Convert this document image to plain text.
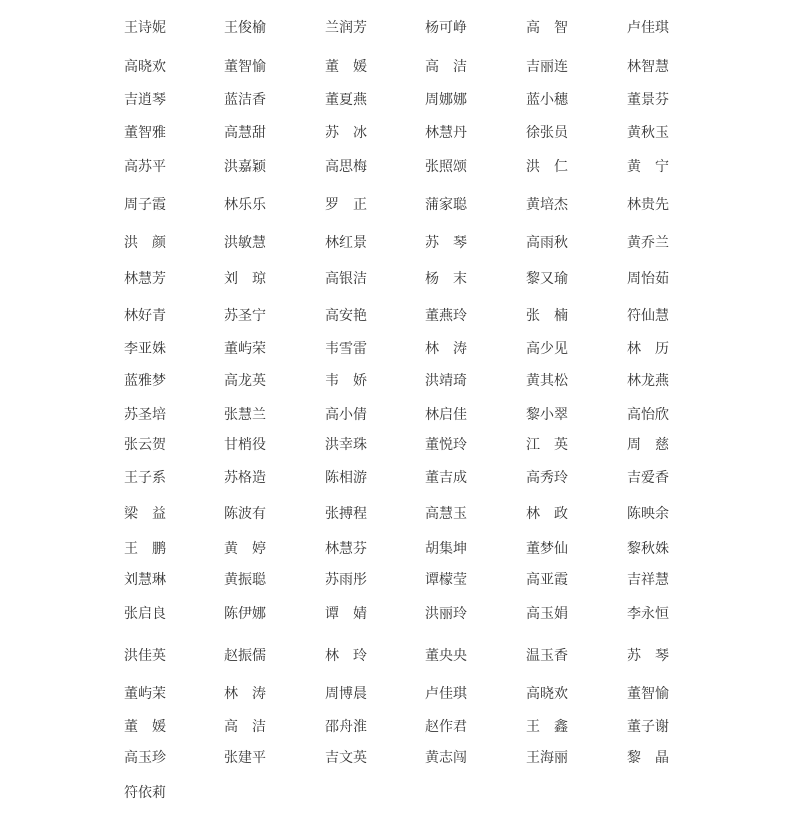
王诗妮	王俊榆	兰润芳	杨可峥	高　智	卢佳琪
高晓欢	董智愉	董　媛	高　洁	吉丽连	林智慧
吉逍琴	蓝洁香	董夏燕	周娜娜	蓝小穗	董景芬
董智雅	高慧甜	苏　冰	林慧丹	徐张员	黄秋玉
高苏平	洪嘉颖	高思梅	张照颂	洪　仁	黄　宁
周子霞	林乐乐	罗　正	蒲家聪	黄培杰	林贵先
洪　颜	洪敏慧	林红景	苏　琴	高雨秋	黄乔兰
林慧芳	刘　琼	高银洁	杨　末	黎又瑜	周怡茹
林好青	苏圣宁	高安艳	董燕玲	张　楠	符仙慧
李亚姝	董屿荣	韦雪雷	林　涛	高少见	林　历
蓝雅梦	高龙英	韦　娇	洪靖琦	黄其松	林龙燕
苏圣培	张慧兰	高小倩	林启佳	黎小翠	高怡欣
张云贺	甘梢役	洪幸珠	董悦玲	江　英	周　慈
王子系	苏格造	陈相游	董吉成	高秀玲	吉爱香
梁　益	陈波有	张搏程	高慧玉	林　政	陈映余
王　鹏	黄　婷	林慧芬	胡集坤	董梦仙	黎秋姝
刘慧琳	黄振聪	苏雨彤	谭檬莹	高亚霞	吉祥慧
张启良	陈伊娜	谭　婧	洪丽玲	高玉娟	李永恒
洪佳英	赵振儒	林　玲	董央央	温玉香	苏　琴
董屿茉	林　涛	周博晨	卢佳琪	高晓欢	董智愉
董　媛	高　洁	邵舟淮	赵作君	王　鑫	董子谢
高玉珍	张建平	吉文英	黄志闯	王海丽	黎　晶
符依莉
